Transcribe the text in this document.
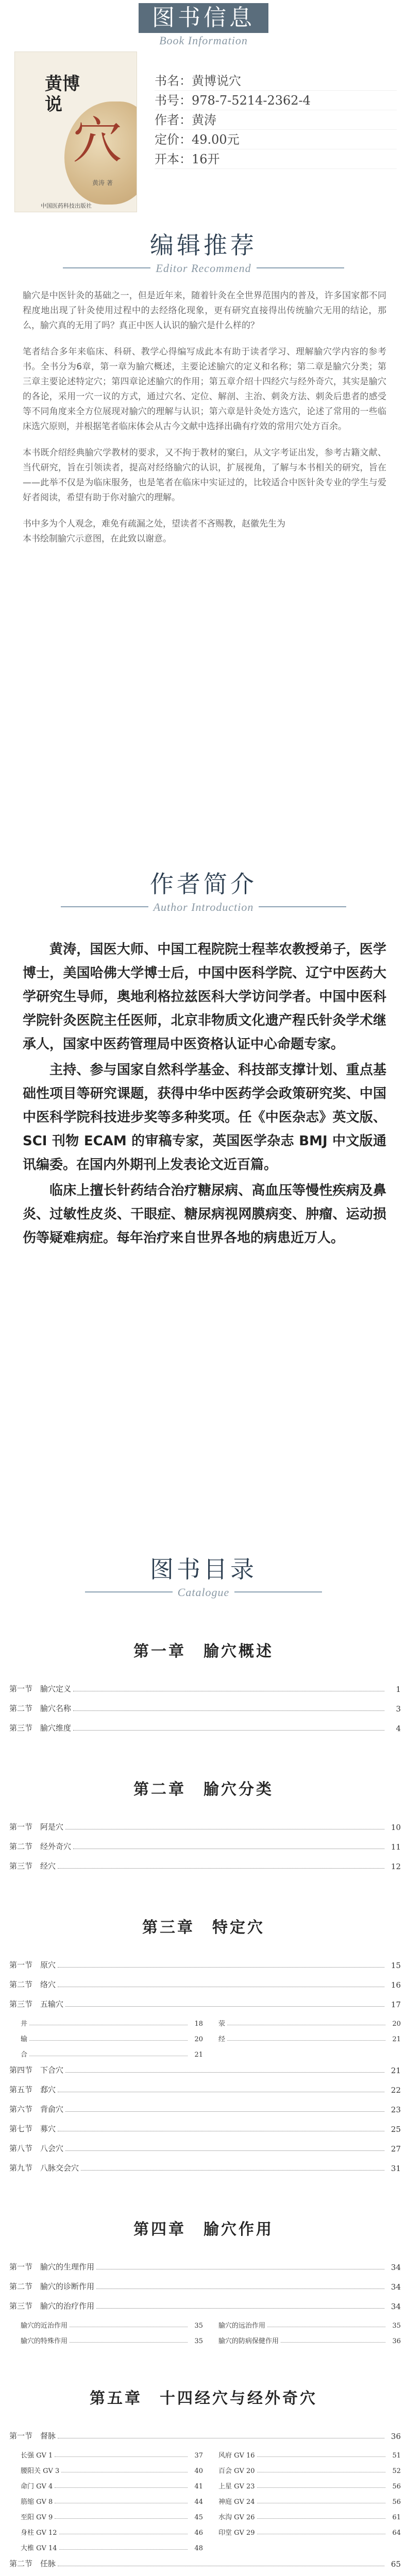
图书信息
Book Information
黄博
说
穴
黄涛 著
中国医药科技出版社
书名：黄博说穴
书号：978-7-5214-2362-4
作者：黄涛
定价：49.00元
开本：16开
编辑推荐
Editor Recommend

腧穴是中医针灸的基础之一，但是近年来，随着针灸在全世界范围内的普及，许多国家都不同程度地出现了针灸使用过程中的去经络化现象，更有研究直接得出传统腧穴无用的结论，那么，腧穴真的无用了吗？真正中医人认识的腧穴是什么样的？

笔者结合多年来临床、科研、教学心得编写成此本有助于读者学习、理解腧穴学内容的参考书。全书分为6章，第一章为腧穴概述，主要论述腧穴的定义和名称；第二章是腧穴分类；第三章主要论述特定穴；第四章论述腧穴的作用；第五章介绍十四经穴与经外奇穴，其实是腧穴的各论，采用一穴一议的方式，通过穴名、定位、解剖、主治、刺灸方法、刺灸后患者的感受等不同角度来全方位展现对腧穴的理解与认识；第六章是针灸处方选穴，论述了常用的一些临床选穴原则，并根据笔者临床体会从古今文献中选择出确有疗效的常用穴处方百余。

本书既介绍经典腧穴学教材的要求，又不拘于教材的窠臼，从文字考证出发，参考古籍文献、当代研究，旨在引领读者，提高对经络腧穴的认识，扩展视角，了解与本书相关的研究，旨在——此举不仅是为临床服务，也是笔者在临床中实证过的，比较适合中医针灸专业的学生与爱好者阅读，希望有助于你对腧穴的理解。

书中多为个人观念，难免有疏漏之处，望读者不吝赐教，赵徽先生为

本书绘制腧穴示意图，在此致以谢意。

作者简介
Author Introduction

黄涛，国医大师、中国工程院院士程莘农教授弟子，医学博士，美国哈佛大学博士后，中国中医科学院、辽宁中医药大学研究生导师，奥地利格拉兹医科大学访问学者。中国中医科学院针灸医院主任医师，北京非物质文化遗产程氏针灸学术继承人，国家中医药管理局中医资格认证中心命题专家。

主持、参与国家自然科学基金、科技部支撑计划、重点基础性项目等研究课题，获得中华中医药学会政策研究奖、中国中医科学院科技进步奖等多种奖项。任《中医杂志》英文版、SCI 刊物 ECAM 的审稿专家，英国医学杂志 BMJ 中文版通讯编委。在国内外期刊上发表论文近百篇。

临床上擅长针药结合治疗糖尿病、高血压等慢性疾病及鼻炎、过敏性皮炎、干眼症、糖尿病视网膜病变、肿瘤、运动损伤等疑难病症。每年治疗来自世界各地的病患近万人。

图书目录
Catalogue
第一章　腧穴概述
第一节 腧穴定义	1
第二节 腧穴名称	3
第三节 腧穴维度	4
第二章　腧穴分类
第一节 阿是穴	10
第二节 经外奇穴	11
第三节 经穴	12
第三章　特定穴
第一节 原穴	15
第二节 络穴	16
第三节 五输穴	17
井	18 荥	20
输	20 经	21
合	21
第四节 下合穴	21
第五节 郄穴	22
第六节 背俞穴	23
第七节 募穴	25
第八节 八会穴	27
第九节 八脉交会穴	31
第四章　腧穴作用
第一节 腧穴的生理作用	34
第二节 腧穴的诊断作用	34
第三节 腧穴的治疗作用	34
腧穴的近治作用	35 腧穴的远治作用	35
腧穴的特殊作用	35 腧穴的防病保健作用	36
第五章　十四经穴与经外奇穴
第一节 督脉	36
长强 GV 1	37 风府 GV 16	51
腰阳关 GV 3	40 百会 GV 20	52
命门 GV 4	41 上星 GV 23	56
筋缩 GV 8	44 神庭 GV 24	56
至阳 GV 9	45 水沟 GV 26	61
身柱 GV 12	46 印堂 GV 29	64
大椎 GV 14	48
第二节 任脉	65
